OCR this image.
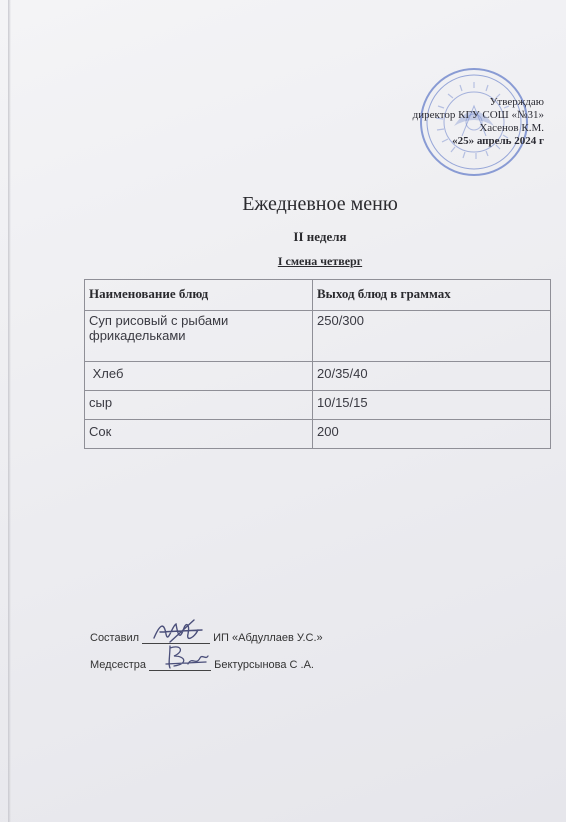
Утверждаю
директор КГУ СОШ «№31»
Хасенов К.М.
«25» апрель 2024 г
Ежедневное меню
II неделя
I смена четверг
Наименование блюд	Выход блюд в граммах
Суп рисовый с рыбами фрикадельками	250/300
Хлеб	20/35/40
сыр	10/15/15
Сок	200
Составил	ИП «Абдуллаев У.С.»
Медсестра	Бектурсынова С .А.
